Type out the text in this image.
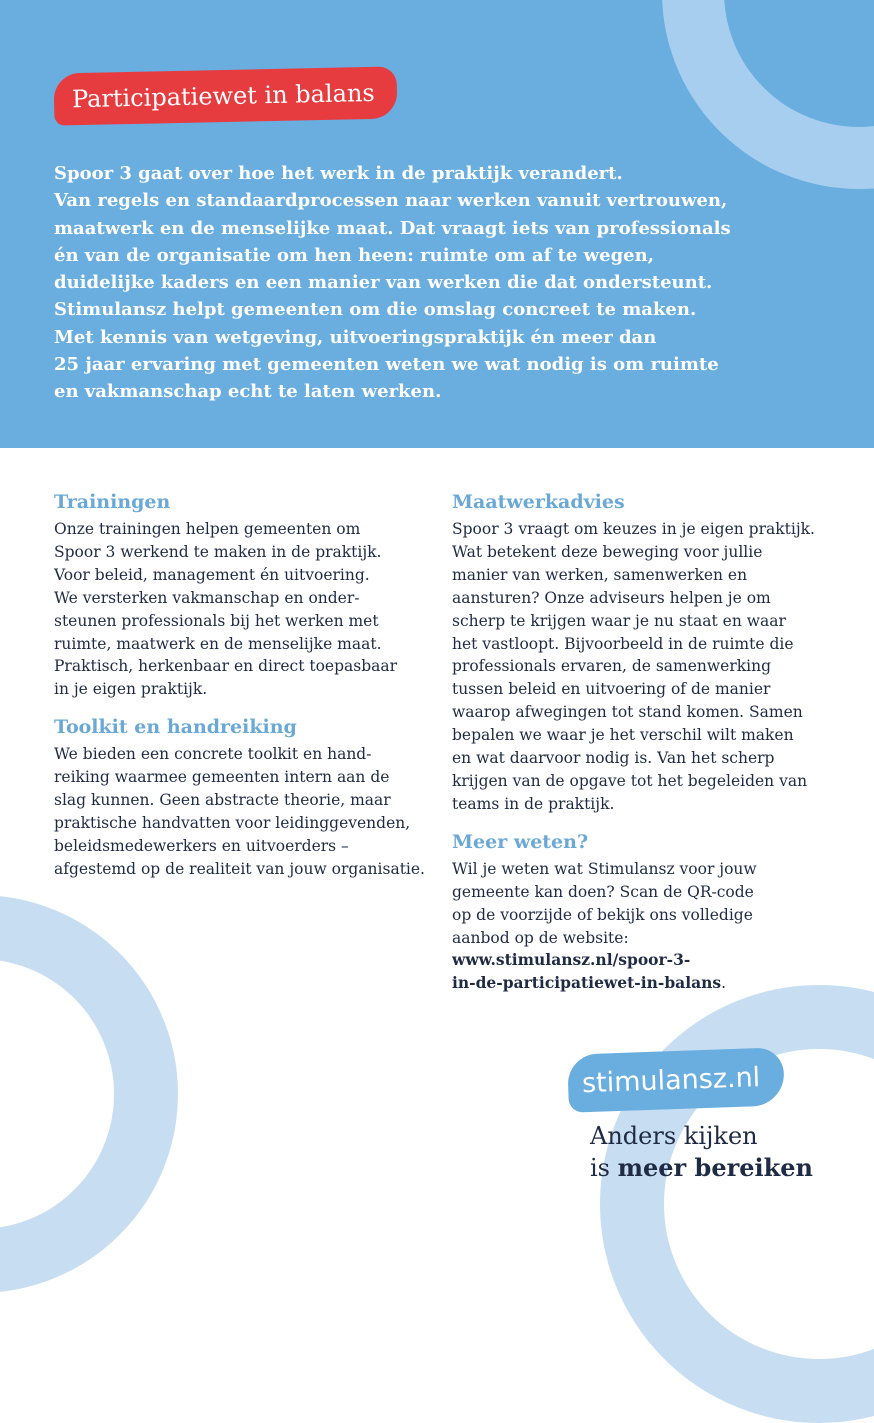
Participatiewet in balans

Spoor 3 gaat over hoe het werk in de praktijk verandert.
Van regels en standaardprocessen naar werken vanuit vertrouwen,
maatwerk en de menselijke maat. Dat vraagt iets van professionals
én van de organisatie om hen heen: ruimte om af te wegen,
duidelijke kaders en een manier van werken die dat ondersteunt.
Stimulansz helpt gemeenten om die omslag concreet te maken.
Met kennis van wetgeving, uitvoeringspraktijk én meer dan
25 jaar ervaring met gemeenten weten we wat nodig is om ruimte
en vakmanschap echt te laten werken.

Trainingen

Onze trainingen helpen gemeenten om
Spoor 3 werkend te maken in de praktijk.
Voor beleid, management én uitvoering.
We versterken vakmanschap en onder-
steunen professionals bij het werken met
ruimte, maatwerk en de menselijke maat.
Praktisch, herkenbaar en direct toepasbaar
in je eigen praktijk.

Toolkit en handreiking

We bieden een concrete toolkit en hand-
reiking waarmee gemeenten intern aan de
slag kunnen. Geen abstracte theorie, maar
praktische handvatten voor leidinggevenden,
beleidsmedewerkers en uitvoerders –
afgestemd op de realiteit van jouw organisatie.

Maatwerkadvies

Spoor 3 vraagt om keuzes in je eigen praktijk.
Wat betekent deze beweging voor jullie
manier van werken, samenwerken en
aansturen? Onze adviseurs helpen je om
scherp te krijgen waar je nu staat en waar
het vastloopt. Bijvoorbeeld in de ruimte die
professionals ervaren, de samenwerking
tussen beleid en uitvoering of de manier
waarop afwegingen tot stand komen. Samen
bepalen we waar je het verschil wilt maken
en wat daarvoor nodig is. Van het scherp
krijgen van de opgave tot het begeleiden van
teams in de praktijk.

Meer weten?

Wil je weten wat Stimulansz voor jouw
gemeente kan doen? Scan de QR-code
op de voorzijde of bekijk ons volledige
aanbod op de website:
www.stimulansz.nl/spoor-3-
in-de-participatiewet-in-balans.

stimulansz.nl

Anders kijken
is meer bereiken
